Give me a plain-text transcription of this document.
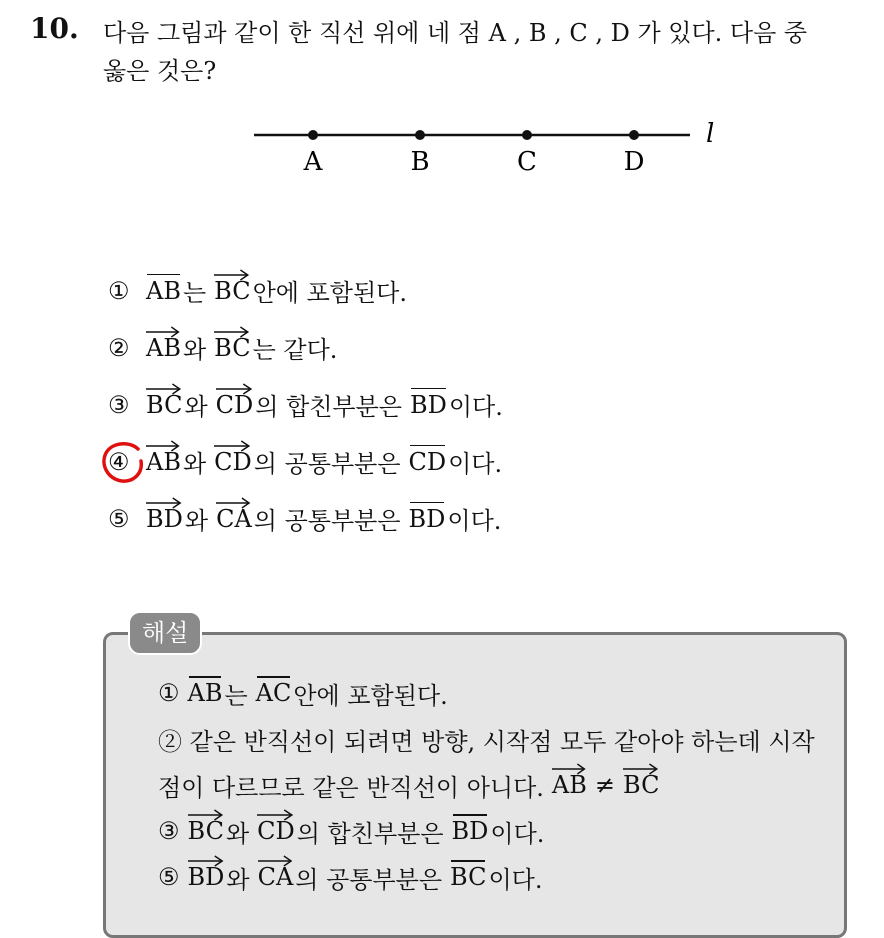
10. 다음 그림과 같이 한 직선 위에 네 점 A , B , C , D 가 있다. 다음 중
옳은 것은?
A	B	C	D
l
① AB 는 BC 안에 포함된다.
② AB 와 BC 는 같다.
③ BC 와 CD 의 합친부분은 BD 이다.
④ AB 와 CD 의 공통부분은 CD 이다.
⑤ BD 와 CA 의 공통부분은 BD 이다.
해설
① AB 는 AC 안에 포함된다.
② 같은 반직선이 되려면 방향, 시작점 모두 같아야 하는데 시작
점이 다르므로 같은 반직선이 아니다. AB ≠ BC
③ BC 와 CD 의 합친부분은 BD 이다.
⑤ BD 와 CA 의 공통부분은 BC 이다.
